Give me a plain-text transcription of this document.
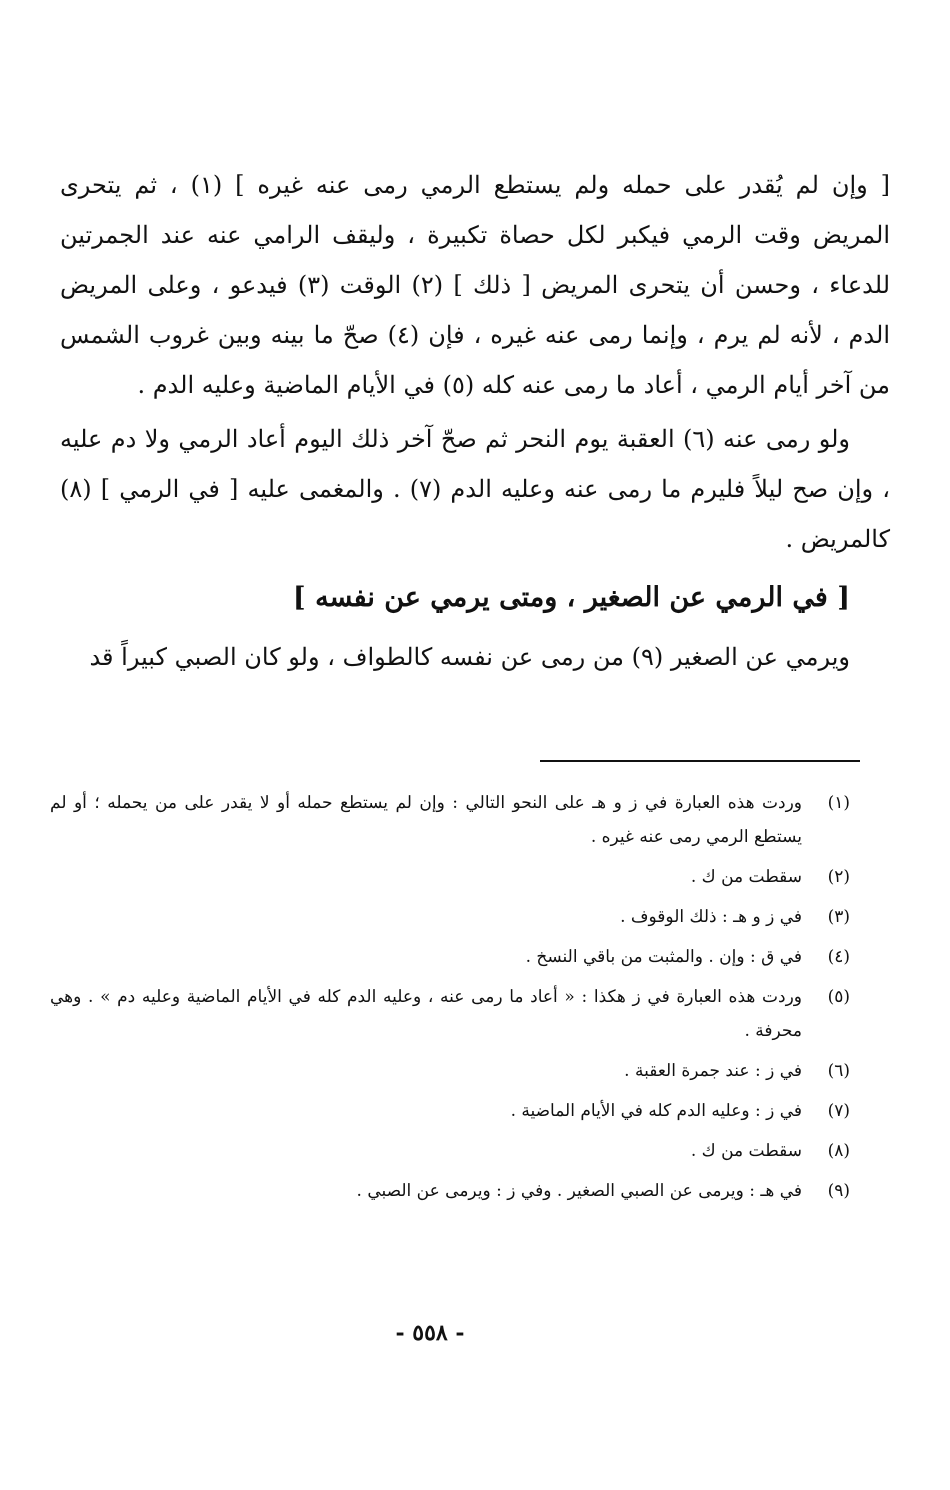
[ وإن لم يُقدر على حمله ولم يستطع الرمي رمى عنه غيره ] (١) ، ثم يتحرى المريض وقت الرمي فيكبر لكل حصاة تكبيرة ، وليقف الرامي عنه عند الجمرتين للدعاء ، وحسن أن يتحرى المريض [ ذلك ] (٢) الوقت (٣) فيدعو ، وعلى المريض الدم ، لأنه لم يرم ، وإنما رمى عنه غيره ، فإن (٤) صحّ ما بينه وبين غروب الشمس من آخر أيام الرمي ، أعاد ما رمى عنه كله (٥) في الأيام الماضية وعليه الدم .

ولو رمى عنه (٦) العقبة يوم النحر ثم صحّ آخر ذلك اليوم أعاد الرمي ولا دم عليه ، وإن صح ليلاً فليرم ما رمى عنه وعليه الدم (٧) . والمغمى عليه [ في الرمي ] (٨) كالمريض .

[ في الرمي عن الصغير ، ومتى يرمي عن نفسه ]

ويرمي عن الصغير (٩) من رمى عن نفسه كالطواف ، ولو كان الصبي كبيراً قد

(١)
وردت هذه العبارة في ز و هـ على النحو التالي : وإن لم يستطع حمله أو لا يقدر على من يحمله ؛ أو لم يستطع الرمي رمى عنه غيره .
(٢)
سقطت من ك .
(٣)
في ز و هـ : ذلك الوقوف .
(٤)
في ق : وإن . والمثبت من باقي النسخ .
(٥)
وردت هذه العبارة في ز هكذا : « أعاد ما رمى عنه ، وعليه الدم كله في الأيام الماضية وعليه دم » . وهي محرفة .
(٦)
في ز : عند جمرة العقبة .
(٧)
في ز : وعليه الدم كله في الأيام الماضية .
(٨)
سقطت من ك .
(٩)
في هـ : ويرمى عن الصبي الصغير . وفي ز : ويرمى عن الصبي .
- ٥٥٨ -
